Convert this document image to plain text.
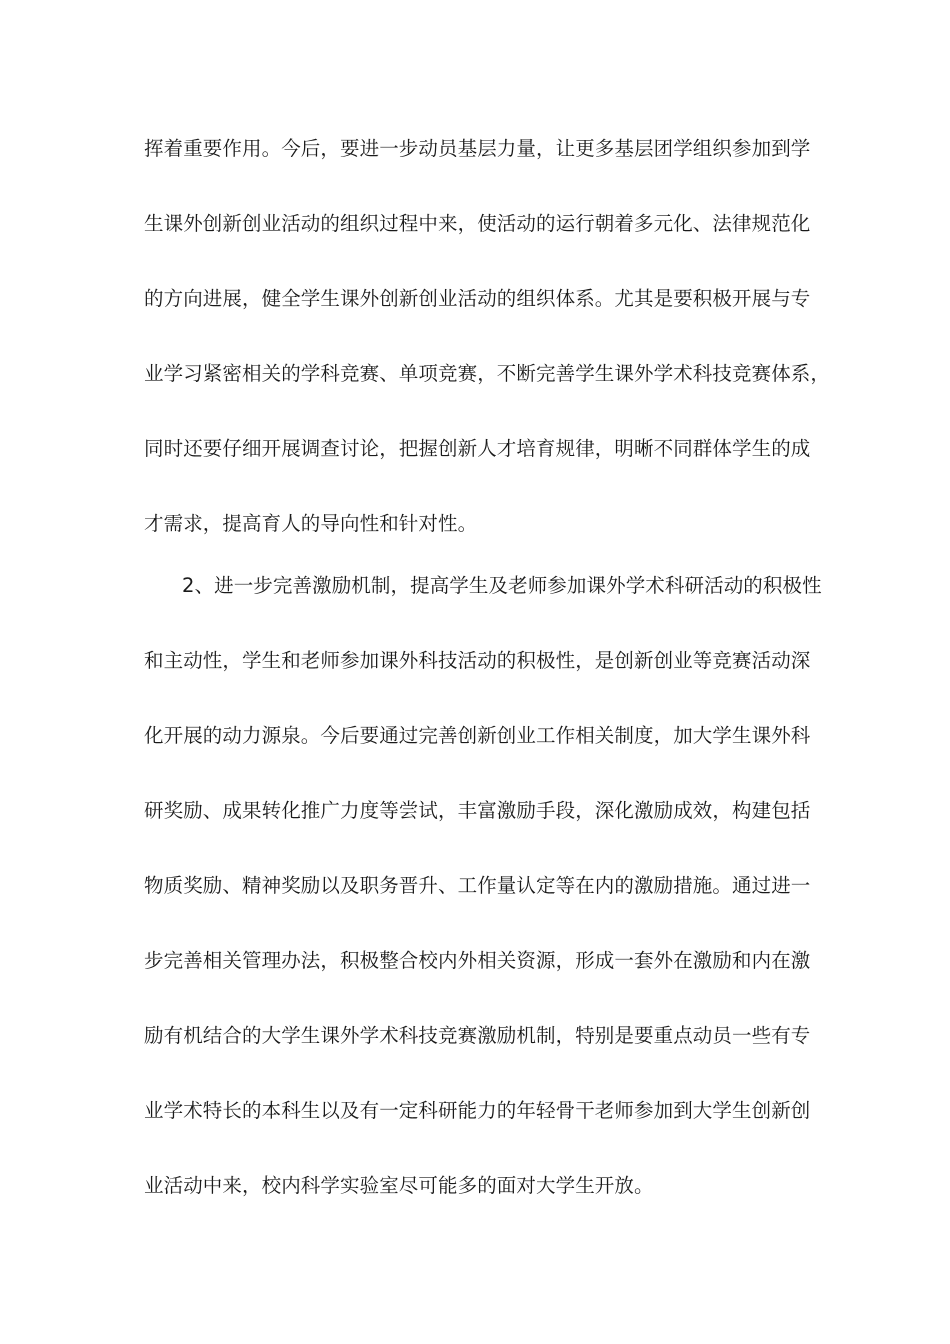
挥着重要作用。今后，要进一步动员基层力量，让更多基层团学组织参加到学
生课外创新创业活动的组织过程中来，使活动的运行朝着多元化、法律规范化
的方向进展，健全学生课外创新创业活动的组织体系。尤其是要积极开展与专
业学习紧密相关的学科竞赛、单项竞赛，不断完善学生课外学术科技竞赛体系，
同时还要仔细开展调查讨论，把握创新人才培育规律，明晰不同群体学生的成
才需求，提高育人的导向性和针对性。
2、进一步完善激励机制，提高学生及老师参加课外学术科研活动的积极性
和主动性，学生和老师参加课外科技活动的积极性，是创新创业等竞赛活动深
化开展的动力源泉。今后要通过完善创新创业工作相关制度，加大学生课外科
研奖励、成果转化推广力度等尝试，丰富激励手段，深化激励成效，构建包括
物质奖励、精神奖励以及职务晋升、工作量认定等在内的激励措施。通过进一
步完善相关管理办法，积极整合校内外相关资源，形成一套外在激励和内在激
励有机结合的大学生课外学术科技竞赛激励机制，特别是要重点动员一些有专
业学术特长的本科生以及有一定科研能力的年轻骨干老师参加到大学生创新创
业活动中来，校内科学实验室尽可能多的面对大学生开放。
